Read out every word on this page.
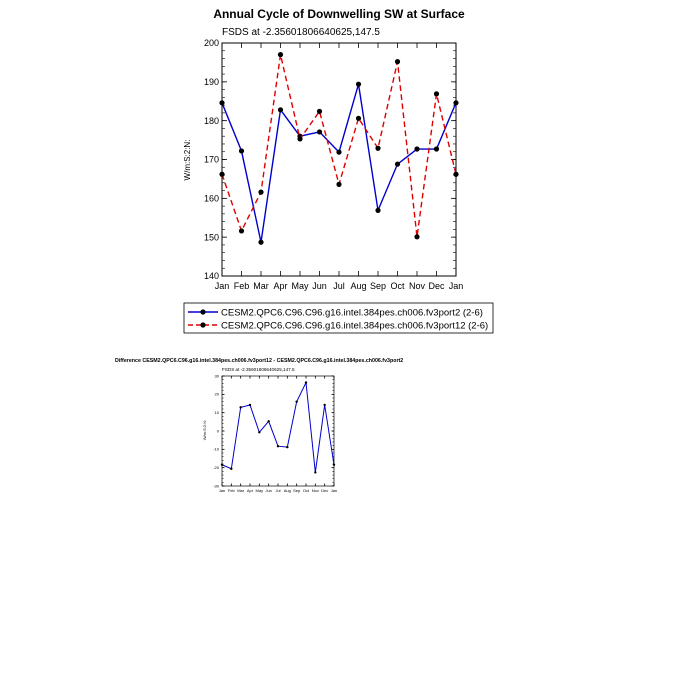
Annual Cycle of Downwelling SW at Surface
FSDS at -2.35601806640625,147.5
W/m:S:2:N:
140
150
160
170
180
190
200
Jan Feb Mar Apr May Jun Jul Aug Sep Oct Nov Dec Jan
CESM2.QPC6.C96.C96.g16.intel.384pes.ch006.fv3port2 (2-6)
CESM2.QPC6.C96.C96.g16.intel.384pes.ch006.fv3port12 (2-6)
Difference CESM2.QPC6.C96.g16.intel.384pes.ch006.fv3port12 - CESM2.QPC6.C96.g16.intel.384pes.ch006.fv3port2
FSDS at -2.35601806640625,147.5
W/m:S:2:N:
-30
-20
-10
0
10
20
30
Jan Feb Mar Apr May Jun Jul Aug Sep Oct Nov Dec Jan
